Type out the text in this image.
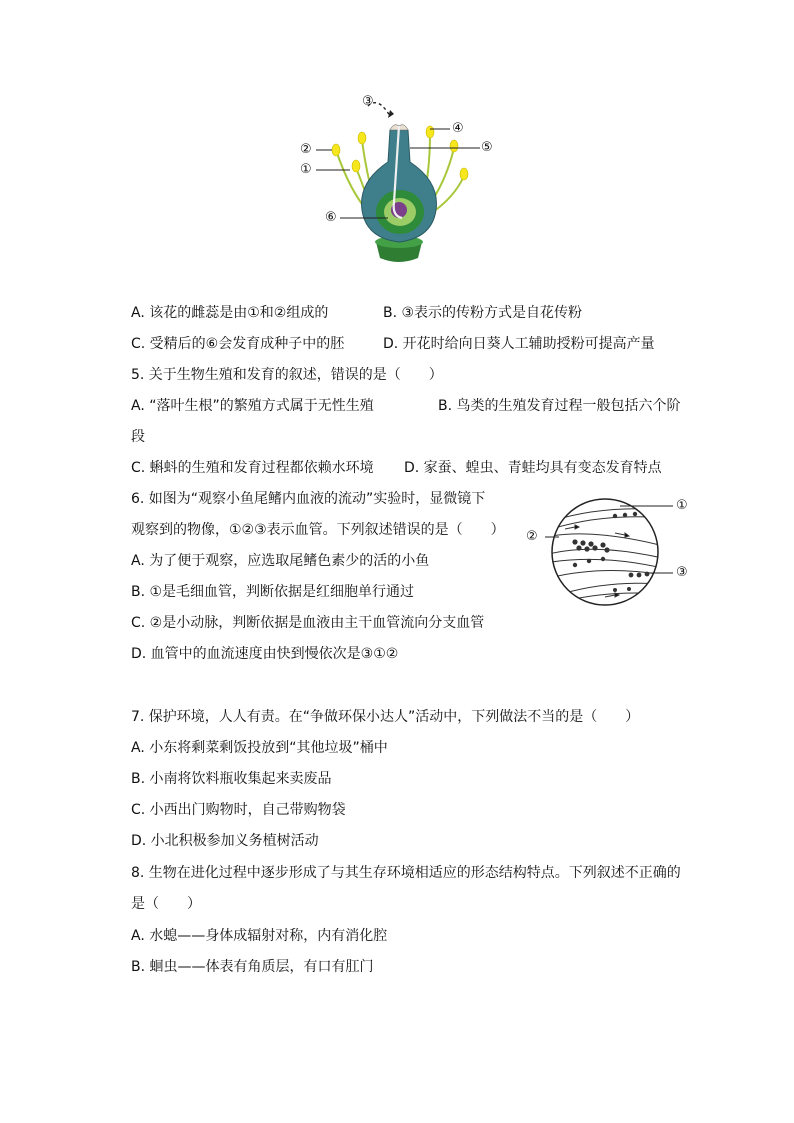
③
④
②	⑤
①
⑥
A. 该花的雌蕊是由①和②组成的	B. ③表示的传粉方式是自花传粉
C. 受精后的⑥会发育成种子中的胚	D. 开花时给向日葵人工辅助授粉可提高产量
5. 关于生物生殖和发育的叙述，错误的是（　　）
A. “落叶生根”的繁殖方式属于无性生殖	B. 鸟类的生殖发育过程一般包括六个阶
段
C. 蝌蚪的生殖和发育过程都依赖水环境 D. 家蚕、蝗虫、青蛙均具有变态发育特点
6. 如图为“观察小鱼尾鳍内血液的流动”实验时，显微镜下
观察到的物像，①②③表示血管。下列叙述错误的是（　　）
A. 为了便于观察，应选取尾鳍色素少的活的小鱼
B. ①是毛细血管，判断依据是红细胞单行通过
C. ②是小动脉，判断依据是血液由主干血管流向分支血管
D. 血管中的血流速度由快到慢依次是③①②
①
②
③
7. 保护环境，人人有责。在“争做环保小达人”活动中，下列做法不当的是（　　）
A. 小东将剩菜剩饭投放到“其他垃圾”桶中
B. 小南将饮料瓶收集起来卖废品
C. 小西出门购物时，自己带购物袋
D. 小北积极参加义务植树活动
8. 生物在进化过程中逐步形成了与其生存环境相适应的形态结构特点。下列叙述不正确的
是（　　）
A. 水螅——身体成辐射对称，内有消化腔
B. 蛔虫——体表有角质层，有口有肛门
